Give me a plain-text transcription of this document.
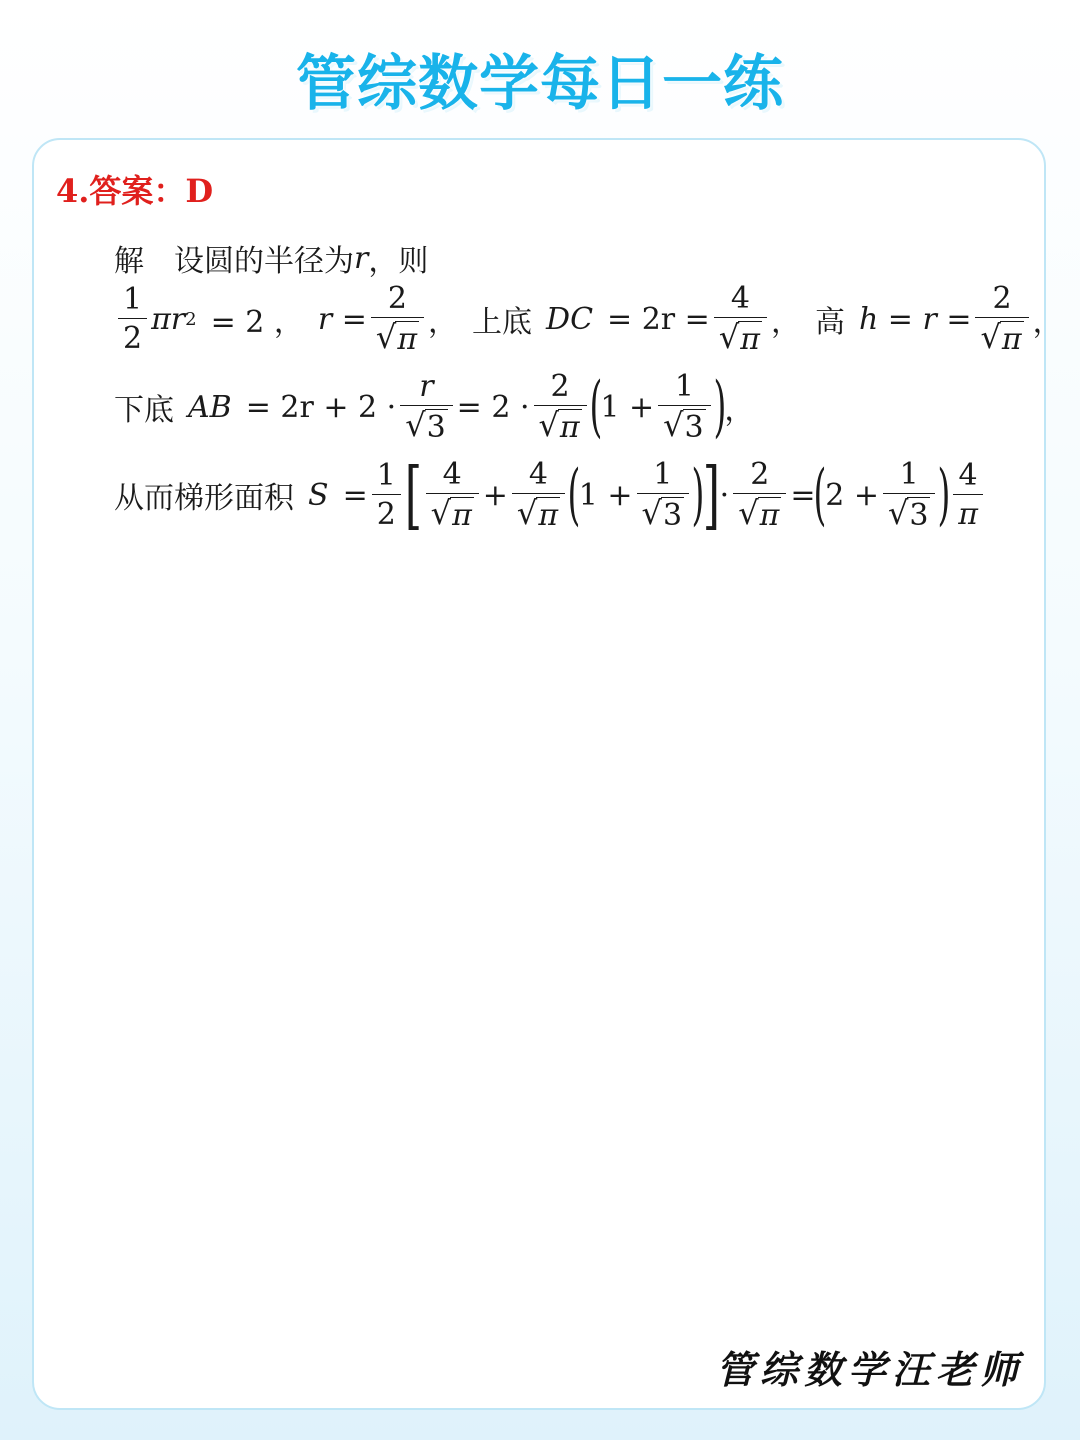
管综数学每日一练
4.答案：D
解 设圆的半径为 r ，则
$\frac{1}{2}$ πr 2 = 2 ， $r = \frac{2}{√ \pi}$ ， 上底 DC = $2r = \frac{4}{√ \pi}$ ， 高 $h = r = \frac{2}{√ \pi}$ ，
下底 AB = $2r + 2 \cdot \frac{r}{√ 3} = 2 \cdot \frac{2}{√ \pi}$ (
$1 + \frac{1}{√ 3}$ )
，
从而梯形面积 $S = \frac{1}{2}$ [ $\frac{4}{√ \pi} + \frac{4}{√ \pi}$ (
$1 + \frac{1}{√ 3}$ )
] · $\frac{2}{√ \pi}$ =
(
$2 + \frac{1}{√ 3}$ ) $\frac{4}{\pi}$
管综数学汪老师
